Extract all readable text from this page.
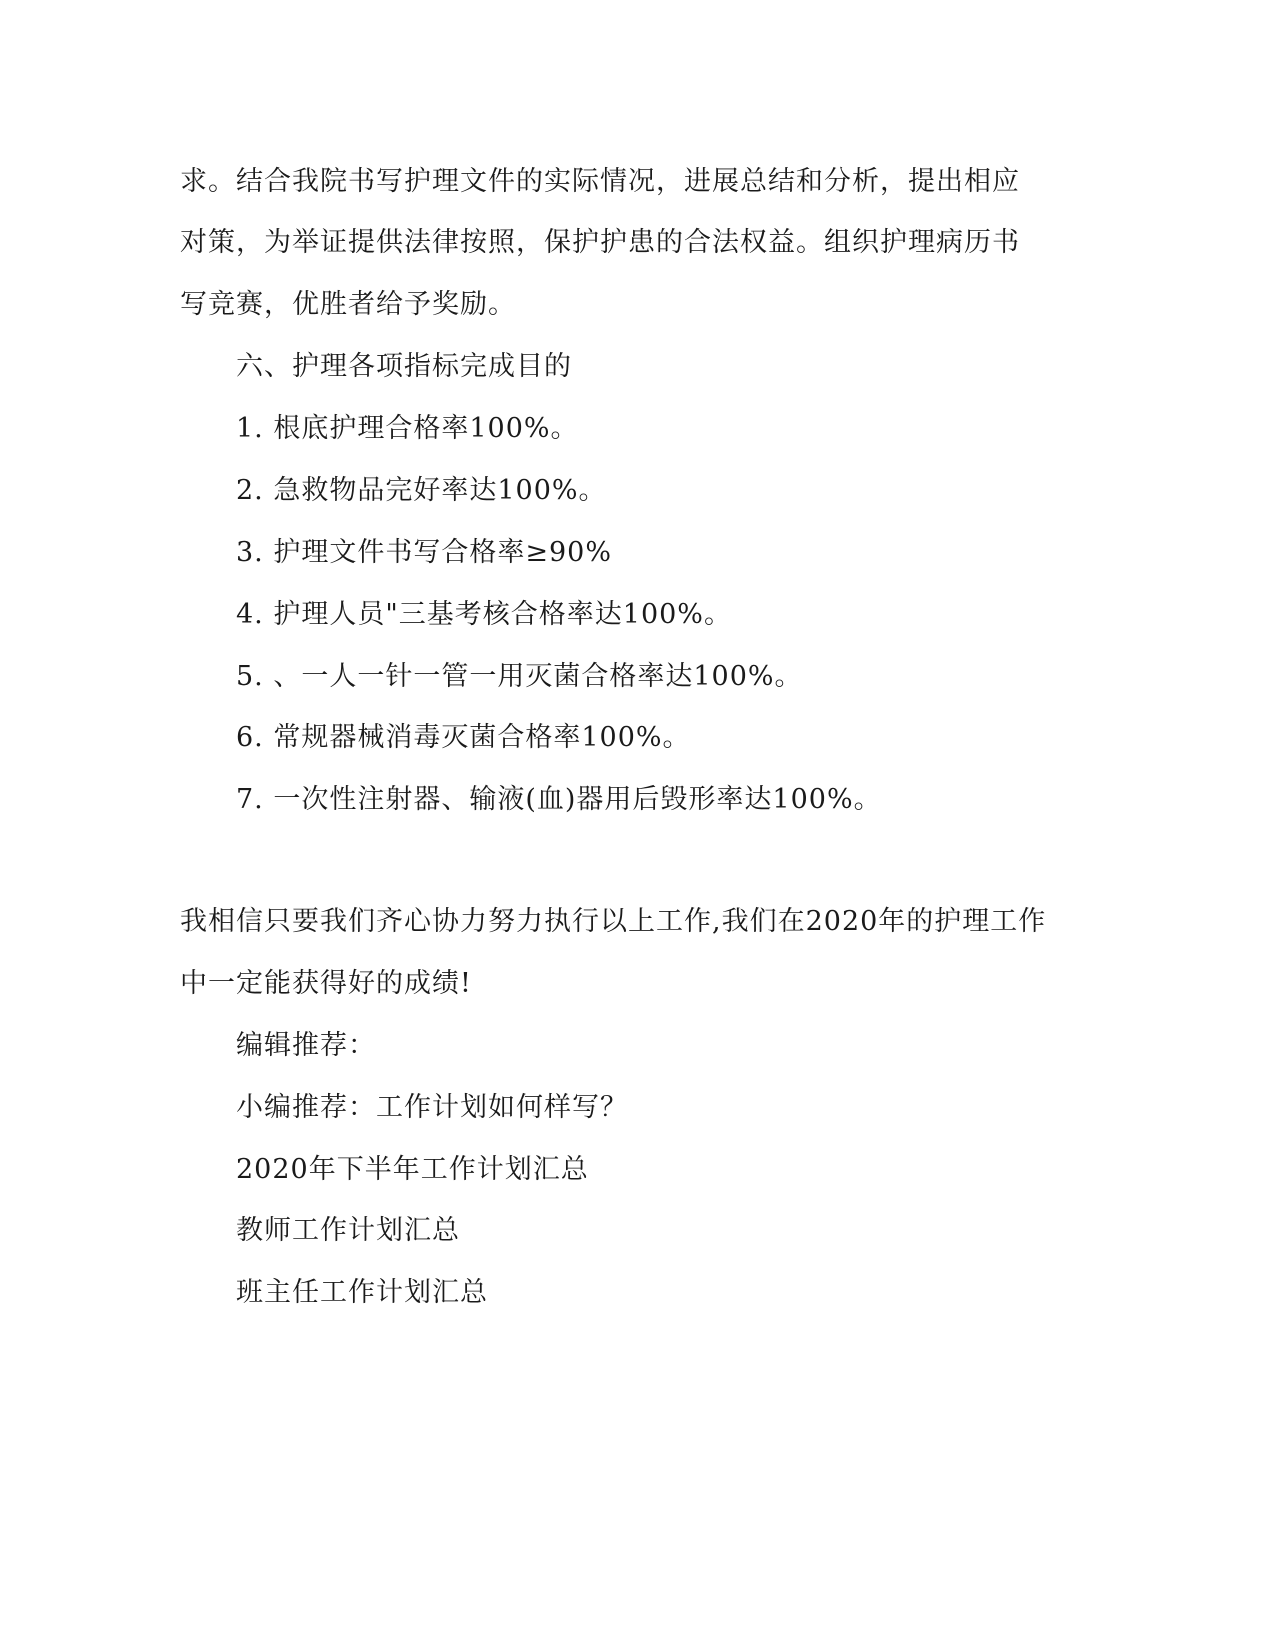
求。结合我院书写护理文件的实际情况，进展总结和分析，提出相应
对策，为举证提供法律按照，保护护患的合法权益。组织护理病历书
写竞赛，优胜者给予奖励。
六、护理各项指标完成目的
1. 根底护理合格率100%。
2. 急救物品完好率达100%。
3. 护理文件书写合格率≥90%
4. 护理人员"三基考核合格率达100%。
5. 、一人一针一管一用灭菌合格率达100%。
6. 常规器械消毒灭菌合格率100%。
7. 一次性注射器、输液(血)器用后毁形率达100%。
我相信只要我们齐心协力努力执行以上工作,我们在2020年的护理工作
中一定能获得好的成绩!
编辑推荐：
小编推荐：工作计划如何样写？
2020年下半年工作计划汇总
教师工作计划汇总
班主任工作计划汇总
